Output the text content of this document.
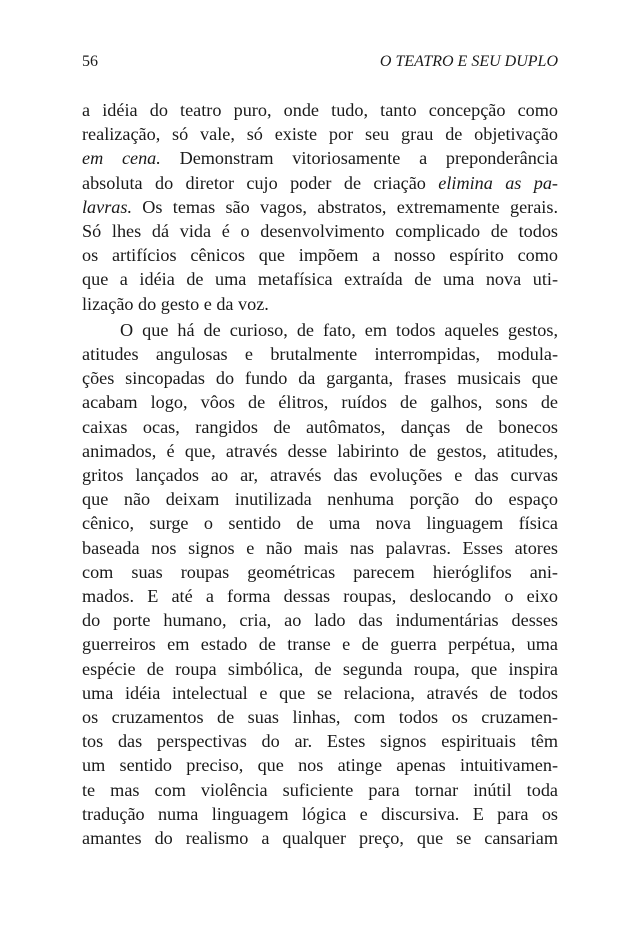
56	O TEATRO E SEU DUPLO
a idéia do teatro puro, onde tudo, tanto concepção como
realização, só vale, só existe por seu grau de objetivação
em cena. Demonstram vitoriosamente a preponderância
absoluta do diretor cujo poder de criação elimina as pa-
lavras. Os temas são vagos, abstratos, extremamente gerais.
Só lhes dá vida é o desenvolvimento complicado de todos
os artifícios cênicos que impõem a nosso espírito como
que a idéia de uma metafísica extraída de uma nova uti-
lização do gesto e da voz.
O que há de curioso, de fato, em todos aqueles gestos,
atitudes angulosas e brutalmente interrompidas, modula-
ções sincopadas do fundo da garganta, frases musicais que
acabam logo, vôos de élitros, ruídos de galhos, sons de
caixas ocas, rangidos de autômatos, danças de bonecos
animados, é que, através desse labirinto de gestos, atitudes,
gritos lançados ao ar, através das evoluções e das curvas
que não deixam inutilizada nenhuma porção do espaço
cênico, surge o sentido de uma nova linguagem física
baseada nos signos e não mais nas palavras. Esses atores
com suas roupas geométricas parecem hieróglifos ani-
mados. E até a forma dessas roupas, deslocando o eixo
do porte humano, cria, ao lado das indumentárias desses
guerreiros em estado de transe e de guerra perpétua, uma
espécie de roupa simbólica, de segunda roupa, que inspira
uma idéia intelectual e que se relaciona, através de todos
os cruzamentos de suas linhas, com todos os cruzamen-
tos das perspectivas do ar. Estes signos espirituais têm
um sentido preciso, que nos atinge apenas intuitivamen-
te mas com violência suficiente para tornar inútil toda
tradução numa linguagem lógica e discursiva. E para os
amantes do realismo a qualquer preço, que se cansariam
